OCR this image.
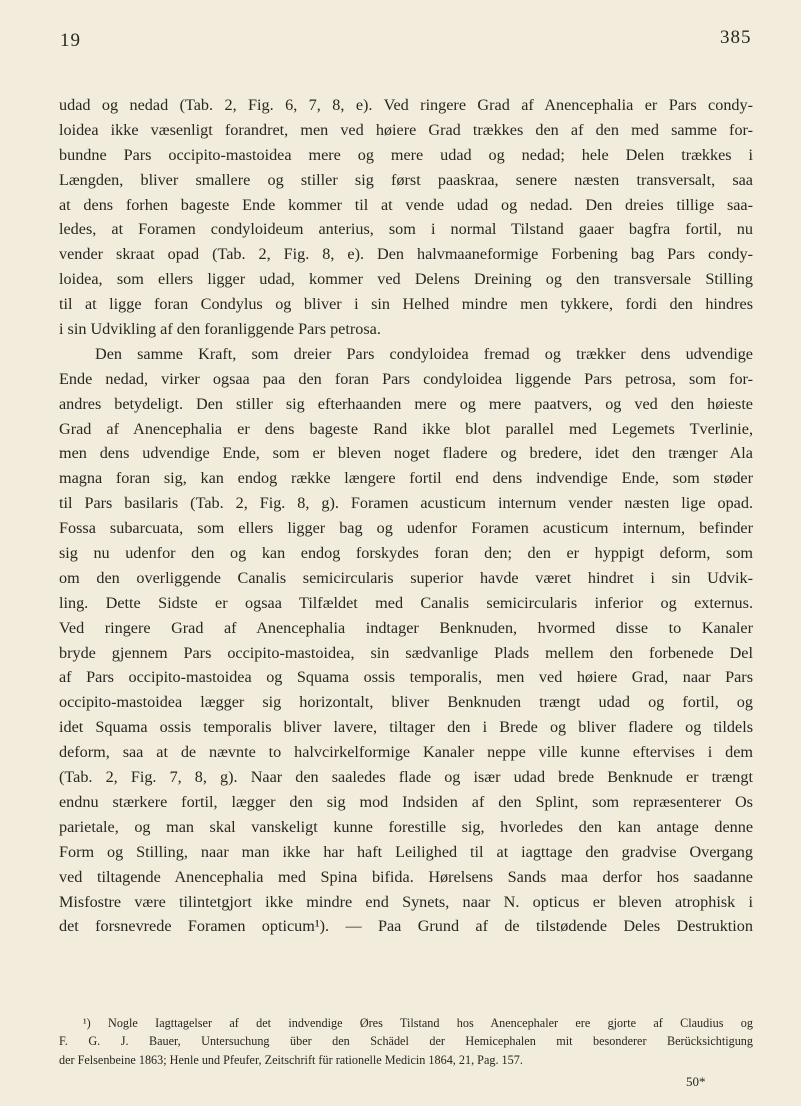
19	385
udad og nedad (Tab. 2, Fig. 6, 7, 8, e). Ved ringere Grad af Anencephalia er Pars condy-
loidea ikke væsenligt forandret, men ved høiere Grad trækkes den af den med samme for-
bundne Pars occipito-mastoidea mere og mere udad og nedad; hele Delen trækkes i
Længden, bliver smallere og stiller sig først paaskraa, senere næsten transversalt, saa
at dens forhen bageste Ende kommer til at vende udad og nedad. Den dreies tillige saa-
ledes, at Foramen condyloideum anterius, som i normal Tilstand gaaer bagfra fortil, nu
vender skraat opad (Tab. 2, Fig. 8, e). Den halvmaaneformige Forbening bag Pars condy-
loidea, som ellers ligger udad, kommer ved Delens Dreining og den transversale Stilling
til at ligge foran Condylus og bliver i sin Helhed mindre men tykkere, fordi den hindres
i sin Udvikling af den foranliggende Pars petrosa.
Den samme Kraft, som dreier Pars condyloidea fremad og trækker dens udvendige
Ende nedad, virker ogsaa paa den foran Pars condyloidea liggende Pars petrosa, som for-
andres betydeligt. Den stiller sig efterhaanden mere og mere paatvers, og ved den høieste
Grad af Anencephalia er dens bageste Rand ikke blot parallel med Legemets Tverlinie,
men dens udvendige Ende, som er bleven noget fladere og bredere, idet den trænger Ala
magna foran sig, kan endog række længere fortil end dens indvendige Ende, som støder
til Pars basilaris (Tab. 2, Fig. 8, g). Foramen acusticum internum vender næsten lige opad.
Fossa subarcuata, som ellers ligger bag og udenfor Foramen acusticum internum, befinder
sig nu udenfor den og kan endog forskydes foran den; den er hyppigt deform, som
om den overliggende Canalis semicircularis superior havde været hindret i sin Udvik-
ling. Dette Sidste er ogsaa Tilfældet med Canalis semicircularis inferior og externus.
Ved ringere Grad af Anencephalia indtager Benknuden, hvormed disse to Kanaler
bryde gjennem Pars occipito-mastoidea, sin sædvanlige Plads mellem den forbenede Del
af Pars occipito-mastoidea og Squama ossis temporalis, men ved høiere Grad, naar Pars
occipito-mastoidea lægger sig horizontalt, bliver Benknuden trængt udad og fortil, og
idet Squama ossis temporalis bliver lavere, tiltager den i Brede og bliver fladere og tildels
deform, saa at de nævnte to halvcirkelformige Kanaler neppe ville kunne eftervises i dem
(Tab. 2, Fig. 7, 8, g). Naar den saaledes flade og især udad brede Benknude er trængt
endnu stærkere fortil, lægger den sig mod Indsiden af den Splint, som repræsenterer Os
parietale, og man skal vanskeligt kunne forestille sig, hvorledes den kan antage denne
Form og Stilling, naar man ikke har haft Leilighed til at iagttage den gradvise Overgang
ved tiltagende Anencephalia med Spina bifida. Hørelsens Sands maa derfor hos saadanne
Misfostre være tilintetgjort ikke mindre end Synets, naar N. opticus er bleven atrophisk i
det forsnevrede Foramen opticum¹). — Paa Grund af de tilstødende Deles Destruktion
¹) Nogle Iagttagelser af det indvendige Øres Tilstand hos Anencephaler ere gjorte af Claudius og
F. G. J. Bauer, Untersuchung über den Schädel der Hemicephalen mit besonderer Berücksichtigung
der Felsenbeine 1863; Henle und Pfeufer, Zeitschrift für rationelle Medicin 1864, 21, Pag. 157.
50*
